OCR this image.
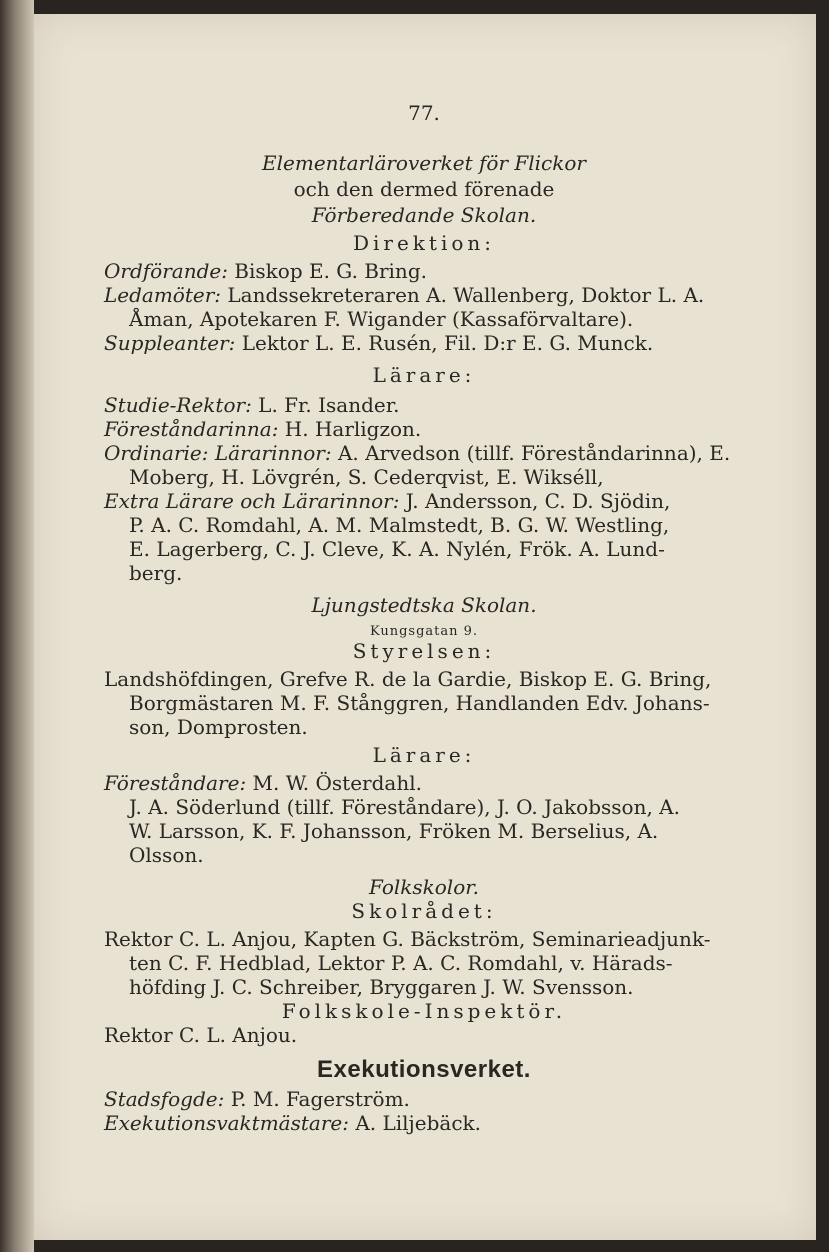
77.
Elementarläroverket för Flickor
och den dermed förenade
Förberedande Skolan.
Direktion:
Ordförande: Biskop E. G. Bring.
Ledamöter: Landssekreteraren A. Wallenberg, Doktor L. A.
Åman, Apotekaren F. Wigander (Kassaförvaltare).
Suppleanter: Lektor L. E. Rusén, Fil. D:r E. G. Munck.
Lärare:
Studie-Rektor: L. Fr. Isander.
Föreståndarinna: H. Harligzon.
Ordinarie: Lärarinnor: A. Arvedson (tillf. Föreståndarinna), E.
Moberg, H. Lövgrén, S. Cederqvist, E. Wikséll,
Extra Lärare och Lärarinnor: J. Andersson, C. D. Sjödin,
P. A. C. Romdahl, A. M. Malmstedt, B. G. W. Westling,
E. Lagerberg, C. J. Cleve, K. A. Nylén, Frök. A. Lund-
berg.
Ljungstedtska Skolan.
Kungsgatan 9.
Styrelsen:
Landshöfdingen, Grefve R. de la Gardie, Biskop E. G. Bring,
Borgmästaren M. F. Stånggren, Handlanden Edv. Johans-
son, Domprosten.
Lärare:
Föreståndare: M. W. Österdahl.
J. A. Söderlund (tillf. Föreståndare), J. O. Jakobsson, A.
W. Larsson, K. F. Johansson, Fröken M. Berselius, A.
Olsson.
Folkskolor.
Skolrådet:
Rektor C. L. Anjou, Kapten G. Bäckström, Seminarieadjunk-
ten C. F. Hedblad, Lektor P. A. C. Romdahl, v. Härads-
höfding J. C. Schreiber, Bryggaren J. W. Svensson.
Folkskole-Inspektör.
Rektor C. L. Anjou.
Exekutionsverket.
Stadsfogde: P. M. Fagerström.
Exekutionsvaktmästare: A. Liljebäck.
